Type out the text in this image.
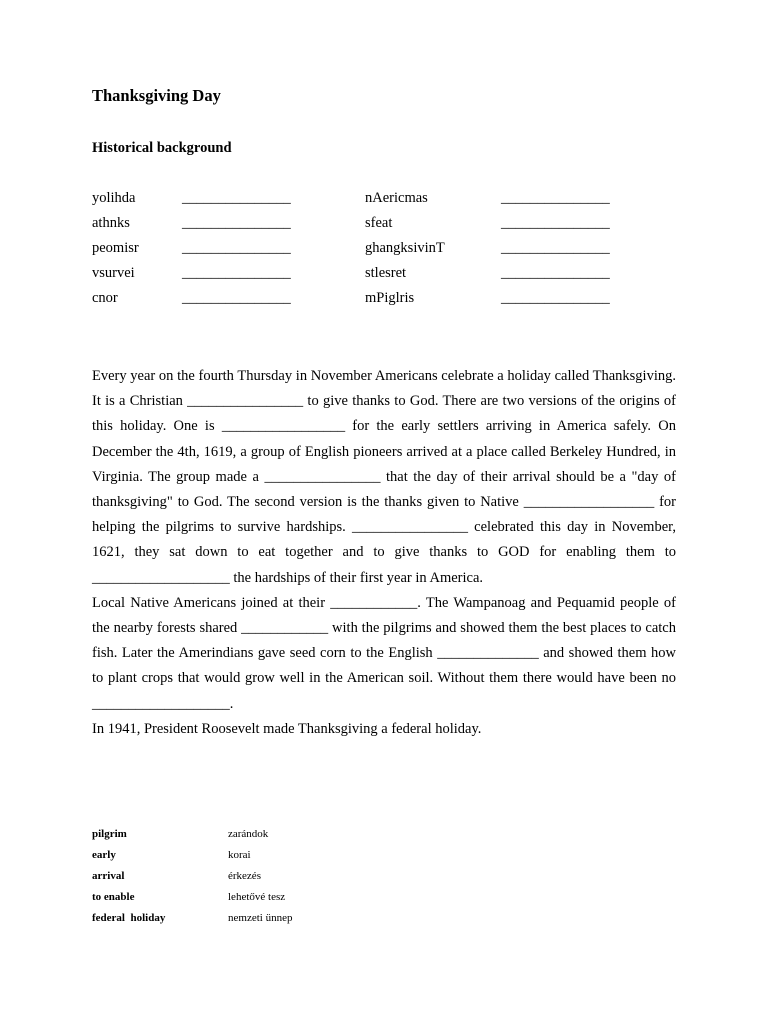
Thanksgiving Day
Historical background
yolihda	_______________	nAericmas	_______________
athnks	_______________	sfeat	_______________
peomisr	_______________	ghangksivinT	_______________
vsurvei	_______________	stlesret	_______________
cnor	_______________	mPiglris	_______________

Every year on the fourth Thursday in November Americans celebrate a holiday called Thanksgiving. It is a Christian ________________ to give thanks to God. There are two versions of the origins of this holiday. One is _________________ for the early settlers arriving in America safely. On December the 4th, 1619, a group of English pioneers arrived at a place called Berkeley Hundred, in Virginia. The group made a ________________ that the day of their arrival should be a "day of thanksgiving" to God. The second version is the thanks given to Native __________________ for helping the pilgrims to survive hardships. ________________ celebrated this day in November, 1621, they sat down to eat together and to give thanks to GOD for enabling them to ___________________ the hardships of their first year in America.

Local Native Americans joined at their ____________. The Wampanoag and Pequamid people of the nearby forests shared ____________ with the pilgrims and showed them the best places to catch fish. Later the Amerindians gave seed corn to the English ______________ and showed them how to plant crops that would grow well in the American soil. Without them there would have been no ___________________.

In 1941, President Roosevelt made Thanksgiving a federal holiday.

pilgrim	zarándok
early	korai
arrival	érkezés
to enable	lehetővé tesz
federal  holiday	nemzeti ünnep
